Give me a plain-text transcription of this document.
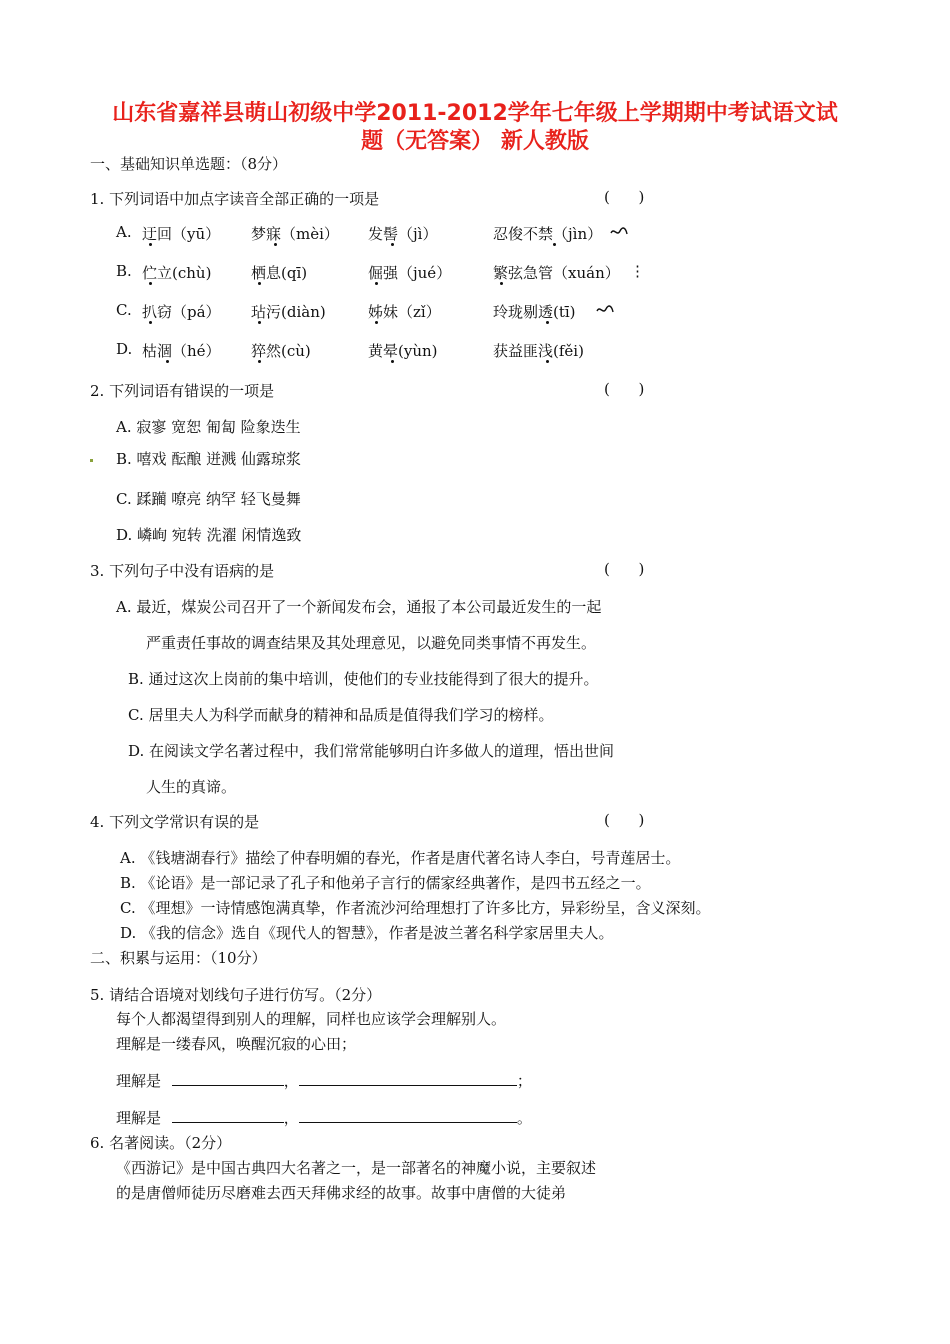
山东省嘉祥县萌山初级中学2011-2012学年七年级上学期期中考试语文试
题（无答案） 新人教版
一、基础知识单选题：（8分）
1. 下列词语中加点字读音全部正确的一项是	(      )
A. 迂回（yū） 梦寐（mèi） 发髻（jì）	忍俊不禁（jìn）
B. 伫立(chù)	栖息(qī)	倔强（jué）	繁弦急管（xuán） ⋮
C. 扒窃（pá） 玷污(diàn)	姊妹（zǐ）	玲珑剔透(tī)
D. 枯涸（hé） 猝然(cù)	黄晕(yùn)	获益匪浅(fěi)
2. 下列词语有错误的一项是	(      )
A. 寂寥 宽恕 匍匐 险象迭生
B. 嘻戏 酝酿 迸溅 仙露琼浆
C. 蹂躏 嘹亮 纳罕 轻飞曼舞
D. 嶙峋 宛转 洗濯 闲情逸致
3. 下列句子中没有语病的是	(      )
A. 最近，煤炭公司召开了一个新闻发布会，通报了本公司最近发生的一起
严重责任事故的调查结果及其处理意见，以避免同类事情不再发生。
B. 通过这次上岗前的集中培训，使他们的专业技能得到了很大的提升。
C. 居里夫人为科学而献身的精神和品质是值得我们学习的榜样。
D. 在阅读文学名著过程中，我们常常能够明白许多做人的道理，悟出世间
人生的真谛。
4. 下列文学常识有误的是	(      )
A. 《钱塘湖春行》描绘了仲春明媚的春光，作者是唐代著名诗人李白，号青莲居士。
B. 《论语》是一部记录了孔子和他弟子言行的儒家经典著作，是四书五经之一。
C. 《理想》一诗情感饱满真挚，作者流沙河给理想打了许多比方，异彩纷呈，含义深刻。
D. 《我的信念》选自《现代人的智慧》，作者是波兰著名科学家居里夫人。
二、积累与运用：（10分）
5. 请结合语境对划线句子进行仿写。（2分）
每个人都渴望得到别人的理解，同样也应该学会理解别人。
理解是一缕春风，唤醒沉寂的心田；
理解是	，	；
理解是	，	。
6. 名著阅读。（2分）
《西游记》是中国古典四大名著之一，是一部著名的神魔小说，主要叙述
的是唐僧师徒历尽磨难去西天拜佛求经的故事。故事中唐僧的大徒弟
